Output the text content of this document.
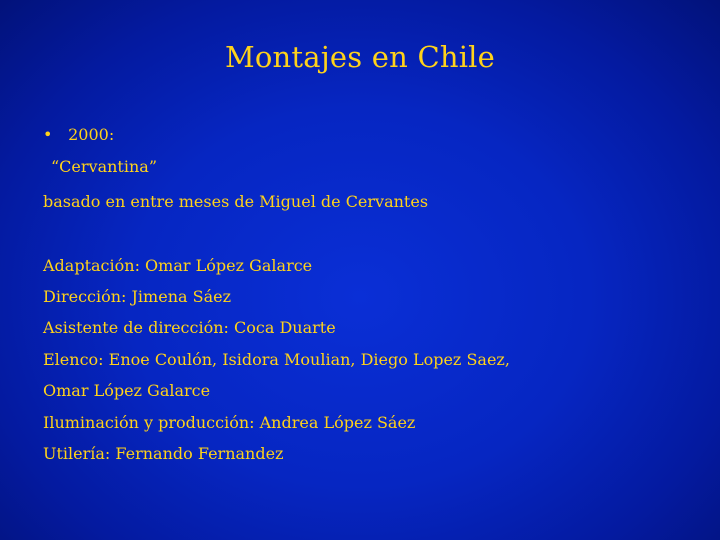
Montajes en Chile
• 2000:
“Cervantina”
basado en entre meses de Miguel de Cervantes
Adaptación: Omar López Galarce
Dirección: Jimena Sáez
Asistente de dirección: Coca Duarte
Elenco: Enoe Coulón, Isidora Moulian, Diego Lopez Saez,
Omar López Galarce
Iluminación y producción: Andrea López Sáez
Utilería: Fernando Fernandez
